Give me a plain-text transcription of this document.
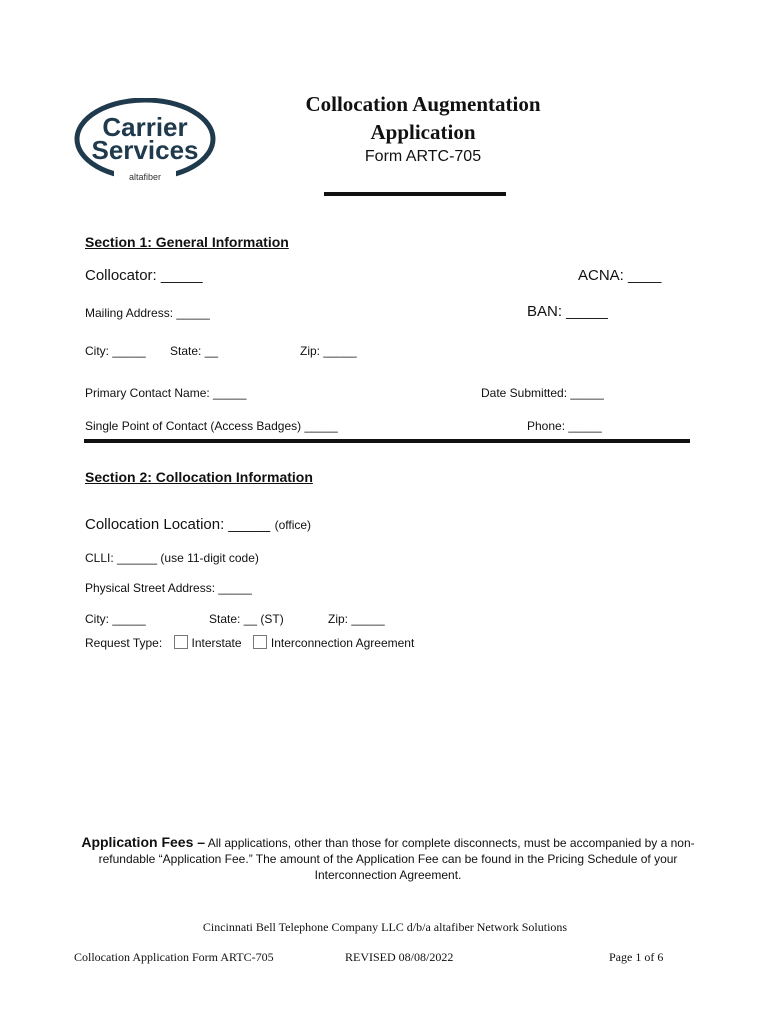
Carrier
Services
altafiber
Collocation Augmentation
Application
Form ARTC-705
Section 1: General Information
Collocator: _____	ACNA: ____
Mailing Address: _____	BAN: _____
City: _____ State: __	Zip: _____
Primary Contact Name: _____	Date Submitted: _____
Single Point of Contact (Access Badges) _____	Phone: _____
Section 2: Collocation Information
Collocation Location: _____ (office)
CLLI: ______ (use 11-digit code)
Physical Street Address: _____
City: _____	State: __ (ST)	Zip: _____
Request Type: Interstate Interconnection Agreement
Application Fees – All applications, other than those for complete disconnects, must be accompanied by a non-refundable “Application Fee.” The amount of the Application Fee can be found in the Pricing Schedule of your Interconnection Agreement.
Cincinnati Bell Telephone Company LLC d/b/a altafiber Network Solutions
Collocation Application Form ARTC-705	REVISED 08/08/2022	Page 1 of 6
